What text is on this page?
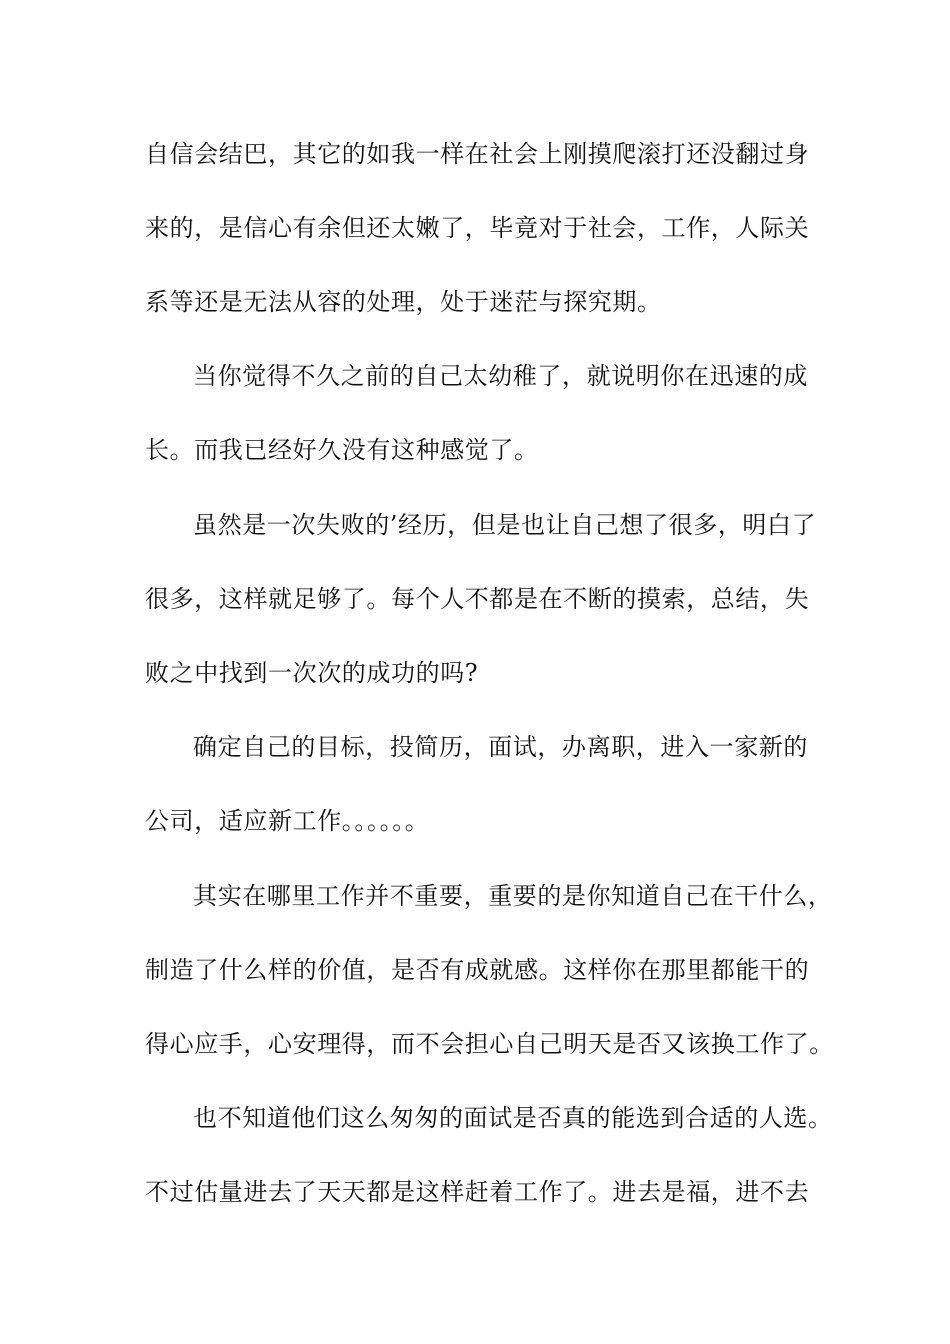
自信会结巴，其它的如我一样在社会上刚摸爬滚打还没翻过身
来的，是信心有余但还太嫩了，毕竟对于社会，工作，人际关
系等还是无法从容的处理，处于迷茫与探究期。
当你觉得不久之前的自己太幼稚了，就说明你在迅速的成
长。而我已经好久没有这种感觉了。
虽然是一次失败的’经历，但是也让自己想了很多，明白了
很多，这样就足够了。每个人不都是在不断的摸索，总结，失
败之中找到一次次的成功的吗?
确定自己的目标，投简历，面试，办离职，进入一家新的
公司，适应新工作。。。。。。
其实在哪里工作并不重要，重要的是你知道自己在干什么，
制造了什么样的价值，是否有成就感。这样你在那里都能干的
得心应手，心安理得，而不会担心自己明天是否又该换工作了。
也不知道他们这么匆匆的面试是否真的能选到合适的人选。
不过估量进去了天天都是这样赶着工作了。进去是福，进不去
